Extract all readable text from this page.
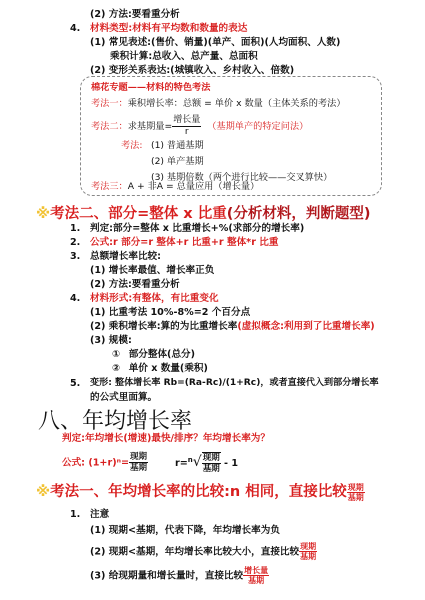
(2) 方法:要看重分析
4. 材料类型:材料有平均数和数量的表达
(1) 常见表述:(售价、销量)(单产、面积)(人均面积、人数)
乘积计算:总收入、总产量、总面积
(2) 变形关系表达:(城镇收入、乡村收入、倍数)
棉花专题——材料的特色考法
考法一：乘积增长率：总额 = 单价 x 数量（主体关系的考法）
考法二：求基期量= $\frac{\text{增长量}}{r}$ （基期单产的特定问法）
考法: (1) 普通基期
(2) 单产基期
(3) 基期倍数（两个进行比较——交叉算快）
考法三：A + 非A = 总量应用（增长量）
※考法二、部分=整体 x 比重(分析材料，判断题型)
1. 判定:部分=整体 x 比重增长+%(求部分的增长率)
2. 公式:r 部分=r 整体+r 比重+r 整体*r 比重
3. 总额增长率比较:
(1) 增长率最值、增长率正负
(2) 方法:要看重分析
4. 材料形式:有整体，有比重变化
(1) 比重考法 10%-8%=2 个百分点
(2) 乘积增长率:算的为比重增长率(虚拟概念:利用到了比重增长率)
(3) 规模:
① 部分整体(总分)
② 单价 x 数量(乘积)
5. 变形: 整体增长率 Rb=(Ra-Rc)/(1+Rc)，或者直接代入到部分增长率
的公式里面算。
八、年均增长率
判定:年均增长(增速)最快/排序？年均增长率为？
公式: $(1+r)^n= \frac{\text{现期}}{\text{基期}}$	$r=^n√ \frac{\text{现期}}{\text{基期}} - 1$
※考法一、年均增长率的比较:n 相同，直接比较 $\frac{\text{现期}}{\text{基期}}$
1. 注意
(1) 现期<基期，代表下降，年均增长率为负
(2) 现期<基期，年均增长率比较大小，直接比较 $\frac{\text{现期}}{\text{基期}}$
(3) 给现期量和增长量时，直接比较 $\frac{\text{增长量}}{\text{基期}}$
